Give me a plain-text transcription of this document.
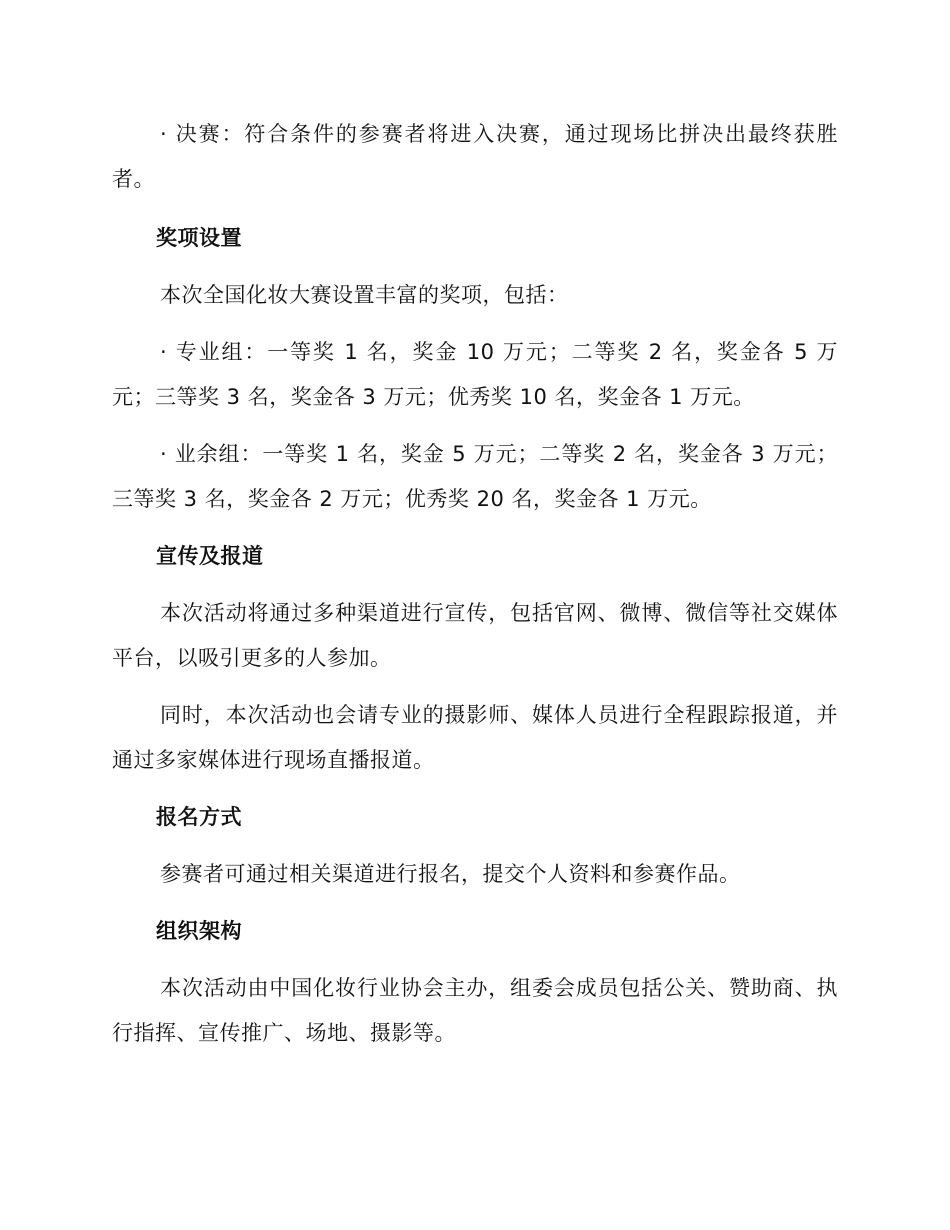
· 决赛：符合条件的参赛者将进入决赛，通过现场比拼决出最终获胜者。

奖项设置

本次全国化妆大赛设置丰富的奖项，包括：

· 专业组：一等奖 1 名，奖金 10 万元；二等奖 2 名，奖金各 5 万元；三等奖 3 名，奖金各 3 万元；优秀奖 10 名，奖金各 1 万元。

· 业余组：一等奖 1 名，奖金 5 万元；二等奖 2 名，奖金各 3 万元；三等奖 3 名，奖金各 2 万元；优秀奖 20 名，奖金各 1 万元。

宣传及报道

本次活动将通过多种渠道进行宣传，包括官网、微博、微信等社交媒体平台，以吸引更多的人参加。

同时，本次活动也会请专业的摄影师、媒体人员进行全程跟踪报道，并通过多家媒体进行现场直播报道。

报名方式

参赛者可通过相关渠道进行报名，提交个人资料和参赛作品。

组织架构

本次活动由中国化妆行业协会主办，组委会成员包括公关、赞助商、执行指挥、宣传推广、场地、摄影等。
